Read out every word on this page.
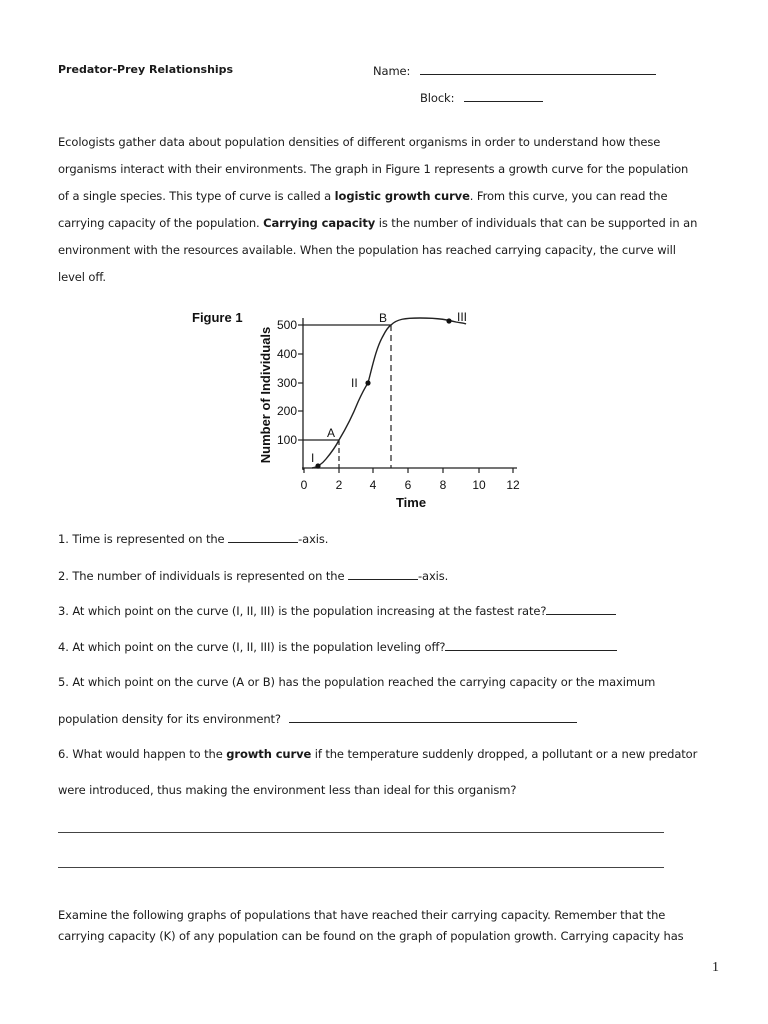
Predator-Prey Relationships	Name:
Block:
Ecologists gather data about population densities of different organisms in order to understand how these
organisms interact with their environments. The graph in Figure 1 represents a growth curve for the population
of a single species. This type of curve is called a logistic growth curve. From this curve, you can read the
carrying capacity of the population. Carrying capacity is the number of individuals that can be supported in an
environment with the resources available. When the population has reached carrying capacity, the curve will
level off.
Figure 1
Number of Individuals 100
200
300
400
500
0 2 4 6 8 10 12
Time
I
II
III
A
B
1. Time is represented on the	-axis.
2. The number of individuals is represented on the	-axis.
3. At which point on the curve (I, II, III) is the population increasing at the fastest rate?
4. At which point on the curve (I, II, III) is the population leveling off?
5. At which point on the curve (A or B) has the population reached the carrying capacity or the maximum
population density for its environment?
6. What would happen to the growth curve if the temperature suddenly dropped, a pollutant or a new predator
were introduced, thus making the environment less than ideal for this organism?
Examine the following graphs of populations that have reached their carrying capacity. Remember that the
carrying capacity (K) of any population can be found on the graph of population growth. Carrying capacity has
1
